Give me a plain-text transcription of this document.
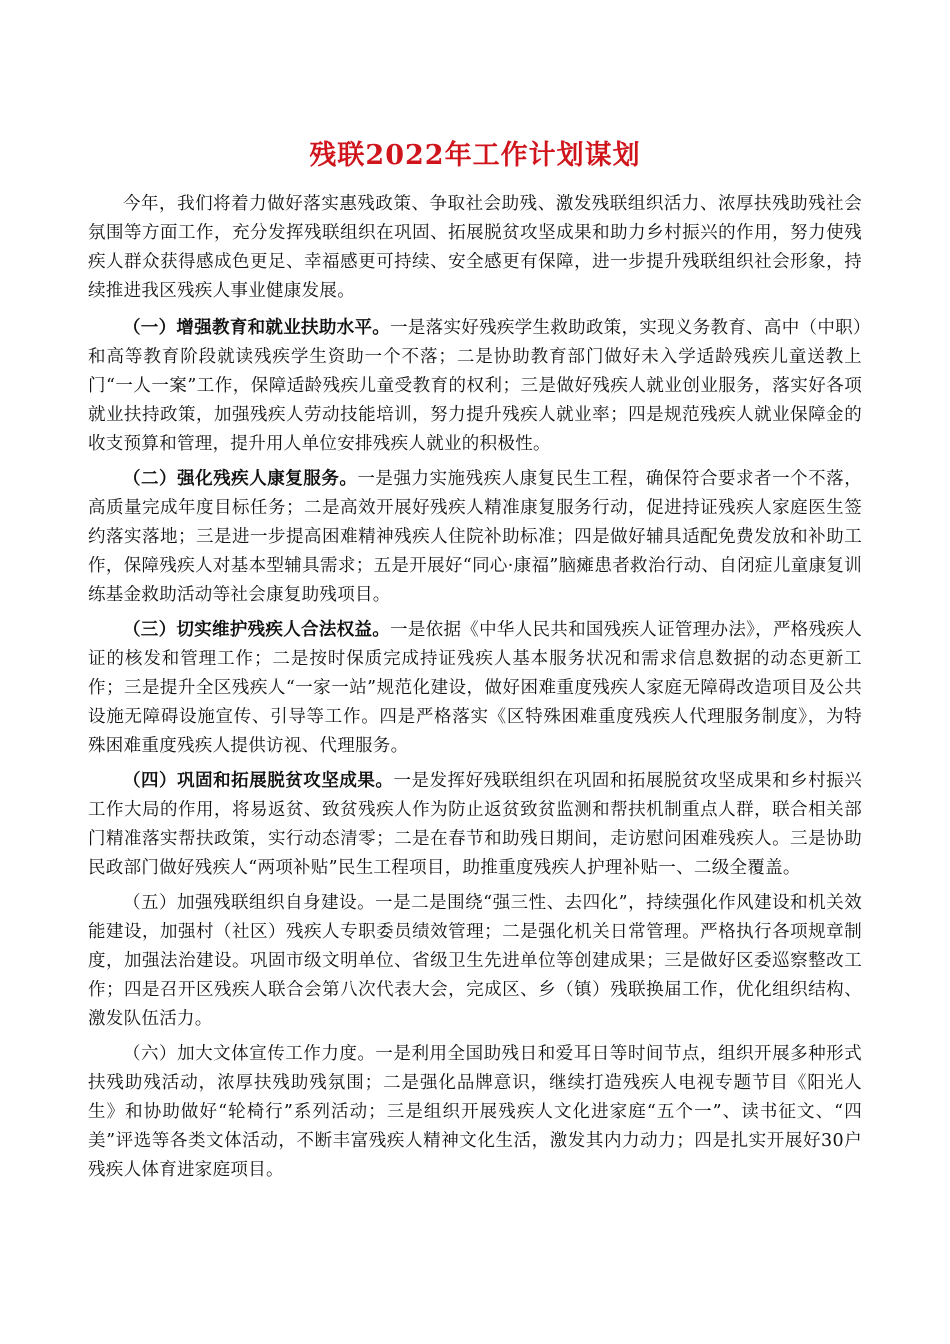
残联2022年工作计划谋划

今年，我们将着力做好落实惠残政策、争取社会助残、激发残联组织活力、浓厚扶残助残社会氛围等方面工作，充分发挥残联组织在巩固、拓展脱贫攻坚成果和助力乡村振兴的作用，努力使残疾人群众获得感成色更足、幸福感更可持续、安全感更有保障，进一步提升残联组织社会形象，持续推进我区残疾人事业健康发展。

（一）增强教育和就业扶助水平。一是落实好残疾学生救助政策，实现义务教育、高中（中职）和高等教育阶段就读残疾学生资助一个不落；二是协助教育部门做好未入学适龄残疾儿童送教上门“一人一案”工作，保障适龄残疾儿童受教育的权利；三是做好残疾人就业创业服务，落实好各项就业扶持政策，加强残疾人劳动技能培训，努力提升残疾人就业率；四是规范残疾人就业保障金的收支预算和管理，提升用人单位安排残疾人就业的积极性。

（二）强化残疾人康复服务。一是强力实施残疾人康复民生工程，确保符合要求者一个不落，高质量完成年度目标任务；二是高效开展好残疾人精准康复服务行动，促进持证残疾人家庭医生签约落实落地；三是进一步提高困难精神残疾人住院补助标准；四是做好辅具适配免费发放和补助工作，保障残疾人对基本型辅具需求；五是开展好“同心·康福”脑瘫患者救治行动、自闭症儿童康复训练基金救助活动等社会康复助残项目。

（三）切实维护残疾人合法权益。一是依据《中华人民共和国残疾人证管理办法》，严格残疾人证的核发和管理工作；二是按时保质完成持证残疾人基本服务状况和需求信息数据的动态更新工作；三是提升全区残疾人“一家一站”规范化建设，做好困难重度残疾人家庭无障碍改造项目及公共设施无障碍设施宣传、引导等工作。四是严格落实《区特殊困难重度残疾人代理服务制度》，为特殊困难重度残疾人提供访视、代理服务。

（四）巩固和拓展脱贫攻坚成果。一是发挥好残联组织在巩固和拓展脱贫攻坚成果和乡村振兴工作大局的作用，将易返贫、致贫残疾人作为防止返贫致贫监测和帮扶机制重点人群，联合相关部门精准落实帮扶政策，实行动态清零；二是在春节和助残日期间，走访慰问困难残疾人。三是协助民政部门做好残疾人“两项补贴”民生工程项目，助推重度残疾人护理补贴一、二级全覆盖。

（五）加强残联组织自身建设。一是二是围绕“强三性、去四化”，持续强化作风建设和机关效能建设，加强村（社区）残疾人专职委员绩效管理；二是强化机关日常管理。严格执行各项规章制度，加强法治建设。巩固市级文明单位、省级卫生先进单位等创建成果；三是做好区委巡察整改工作；四是召开区残疾人联合会第八次代表大会，完成区、乡（镇）残联换届工作，优化组织结构、激发队伍活力。

（六）加大文体宣传工作力度。一是利用全国助残日和爱耳日等时间节点，组织开展多种形式扶残助残活动，浓厚扶残助残氛围；二是强化品牌意识，继续打造残疾人电视专题节目《阳光人生》和协助做好“轮椅行”系列活动；三是组织开展残疾人文化进家庭“五个一”、读书征文、“四美”评选等各类文体活动，不断丰富残疾人精神文化生活，激发其内力动力；四是扎实开展好30户残疾人体育进家庭项目。
